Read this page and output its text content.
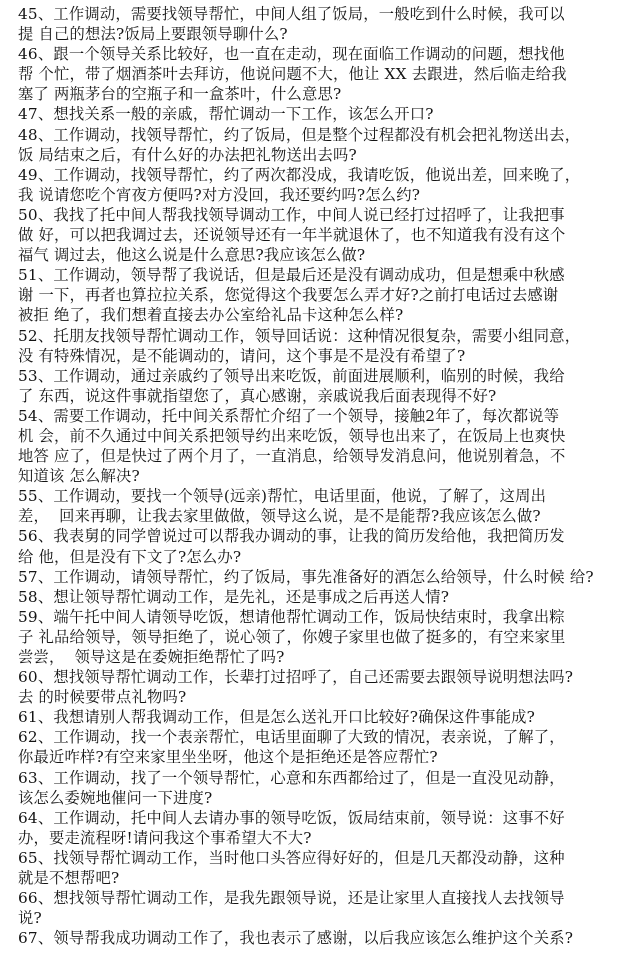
45、工作调动，需要找领导帮忙，中间人组了饭局，一般吃到什么时候，我可以
提 自己的想法?饭局上要跟领导聊什么?
46、跟一个领导关系比较好，也一直在走动，现在面临工作调动的问题，想找他
帮 个忙，带了烟酒茶叶去拜访，他说问题不大，他让 XX 去跟进，然后临走给我
塞了 两瓶茅台的空瓶子和一盒茶叶，什么意思?
47、想找关系一般的亲戚，帮忙调动一下工作，该怎么开口?
48、工作调动，找领导帮忙，约了饭局，但是整个过程都没有机会把礼物送出去，
饭 局结束之后，有什么好的办法把礼物送出去吗?
49、工作调动，找领导帮忙，约了两次都没成，我请吃饭，他说出差，回来晚了，
我 说请您吃个宵夜方便吗?对方没回，我还要约吗?怎么约?
50、我找了托中间人帮我找领导调动工作，中间人说已经打过招呼了，让我把事
做 好，可以把我调过去，还说领导还有一年半就退休了，也不知道我有没有这个
福气 调过去，他这么说是什么意思?我应该怎么做?
51、工作调动，领导帮了我说话，但是最后还是没有调动成功，但是想乘中秋感
谢 一下，再者也算拉拉关系，您觉得这个我要怎么弄才好?之前打电话过去感谢
被拒 绝了，我们想着直接去办公室给礼品卡这种怎么样?
52、托朋友找领导帮忙调动工作，领导回话说：这种情况很复杂，需要小组同意，
没 有特殊情况，是不能调动的，请问，这个事是不是没有希望了?
53、工作调动，通过亲戚约了领导出来吃饭，前面进展顺利，临别的时候，我给
了 东西，说这件事就指望您了，真心感谢，亲戚说我后面表现得不好?
54、需要工作调动，托中间关系帮忙介绍了一个领导，接触2年了，每次都说等
机 会，前不久通过中间关系把领导约出来吃饭，领导也出来了，在饭局上也爽快
地答 应了，但是快过了两个月了，一直消息，给领导发消息问，他说别着急，不
知道该 怎么解决?
55、工作调动，要找一个领导(远亲)帮忙，电话里面，他说，了解了，这周出
差，  回来再聊，让我去家里做做，领导这么说，是不是能帮?我应该怎么做?
56、我表舅的同学曾说过可以帮我办调动的事，让我的简历发给他，我把简历发
给 他，但是没有下文了?怎么办?
57、工作调动，请领导帮忙，约了饭局，事先准备好的酒怎么给领导，什么时候 给?
58、想让领导帮忙调动工作，是先礼，还是事成之后再送人情?
59、端午托中间人请领导吃饭，想请他帮忙调动工作，饭局快结束时，我拿出粽
子 礼品给领导，领导拒绝了，说心领了，你嫂子家里也做了挺多的，有空来家里
尝尝，  领导这是在委婉拒绝帮忙了吗?
60、想找领导帮忙调动工作，长辈打过招呼了，自己还需要去跟领导说明想法吗?
去 的时候要带点礼物吗?
61、我想请别人帮我调动工作，但是怎么送礼开口比较好?确保这件事能成?
62、工作调动，找一个表亲帮忙，电话里面聊了大致的情况，表亲说，了解了，
你最近咋样?有空来家里坐坐呀，他这个是拒绝还是答应帮忙?
63、工作调动，找了一个领导帮忙，心意和东西都给过了，但是一直没见动静，
该怎么委婉地催问一下进度?
64、工作调动，托中间人去请办事的领导吃饭，饭局结束前，领导说：这事不好
办，要走流程呀!请问我这个事希望大不大?
65、找领导帮忙调动工作，当时他口头答应得好好的，但是几天都没动静，这种
就是不想帮吧?
66、想找领导帮忙调动工作，是我先跟领导说，还是让家里人直接找人去找领导
说?
67、领导帮我成功调动工作了，我也表示了感谢，以后我应该怎么维护这个关系?
